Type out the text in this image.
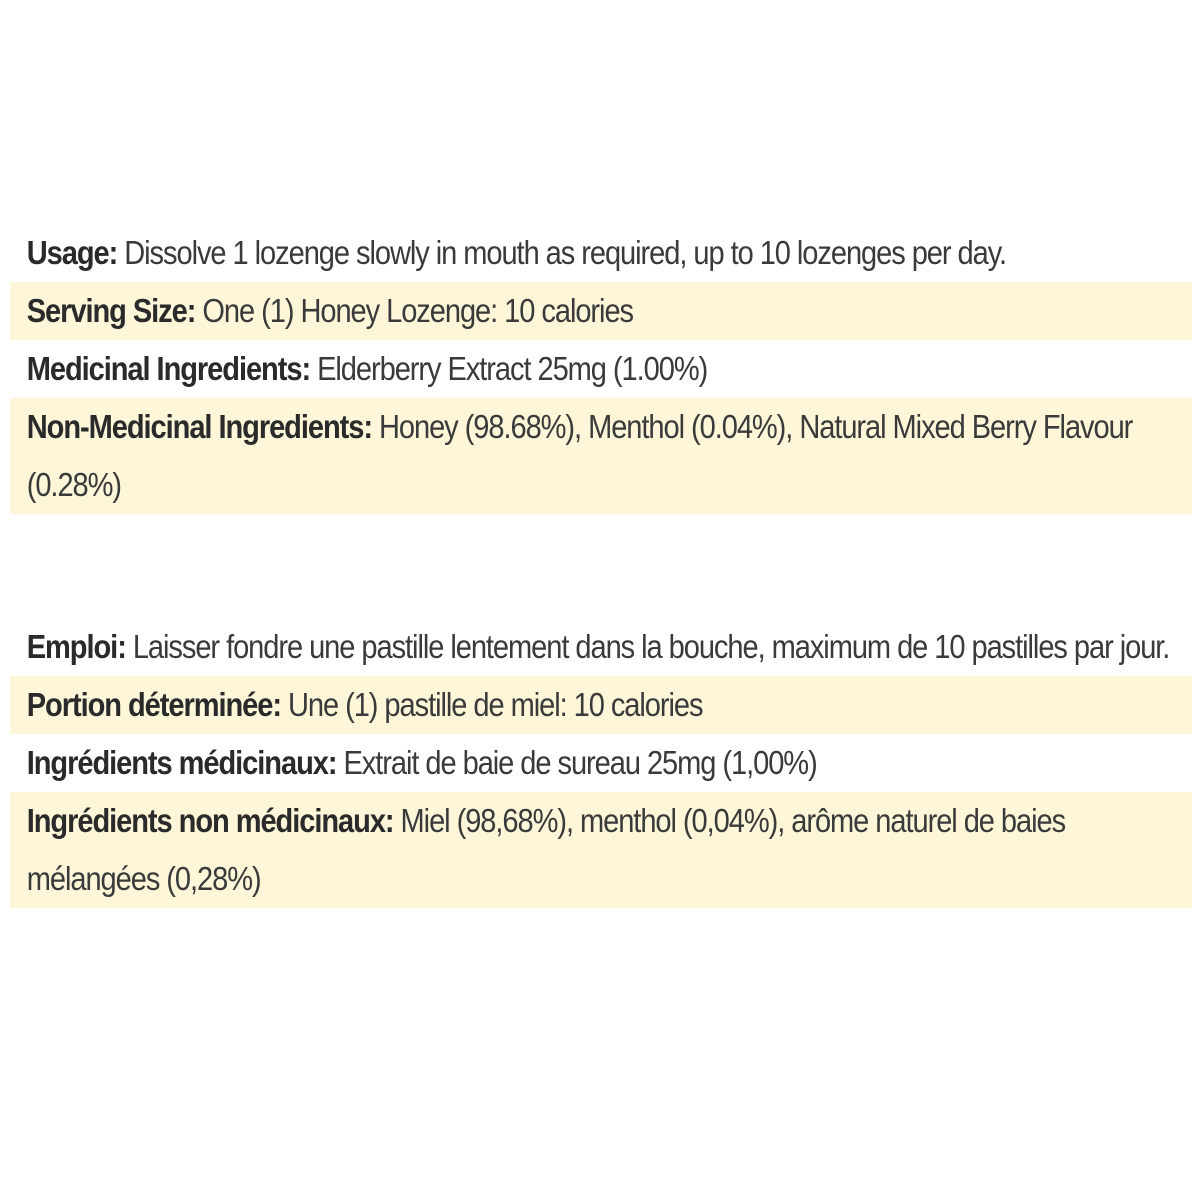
Usage: Dissolve 1 lozenge slowly in mouth as required, up to 10 lozenges per day.
Serving Size: One (1) Honey Lozenge: 10 calories
Medicinal Ingredients: Elderberry Extract 25mg (1.00%)
Non-Medicinal Ingredients: Honey (98.68%), Menthol (0.04%), Natural Mixed Berry Flavour (0.28%)
Emploi: Laisser fondre une pastille lentement dans la bouche, maximum de 10 pastilles par jour.
Portion déterminée: Une (1) pastille de miel: 10 calories
Ingrédients médicinaux: Extrait de baie de sureau 25mg (1,00%)
Ingrédients non médicinaux: Miel (98,68%), menthol (0,04%), arôme naturel de baies mélangées (0,28%)
